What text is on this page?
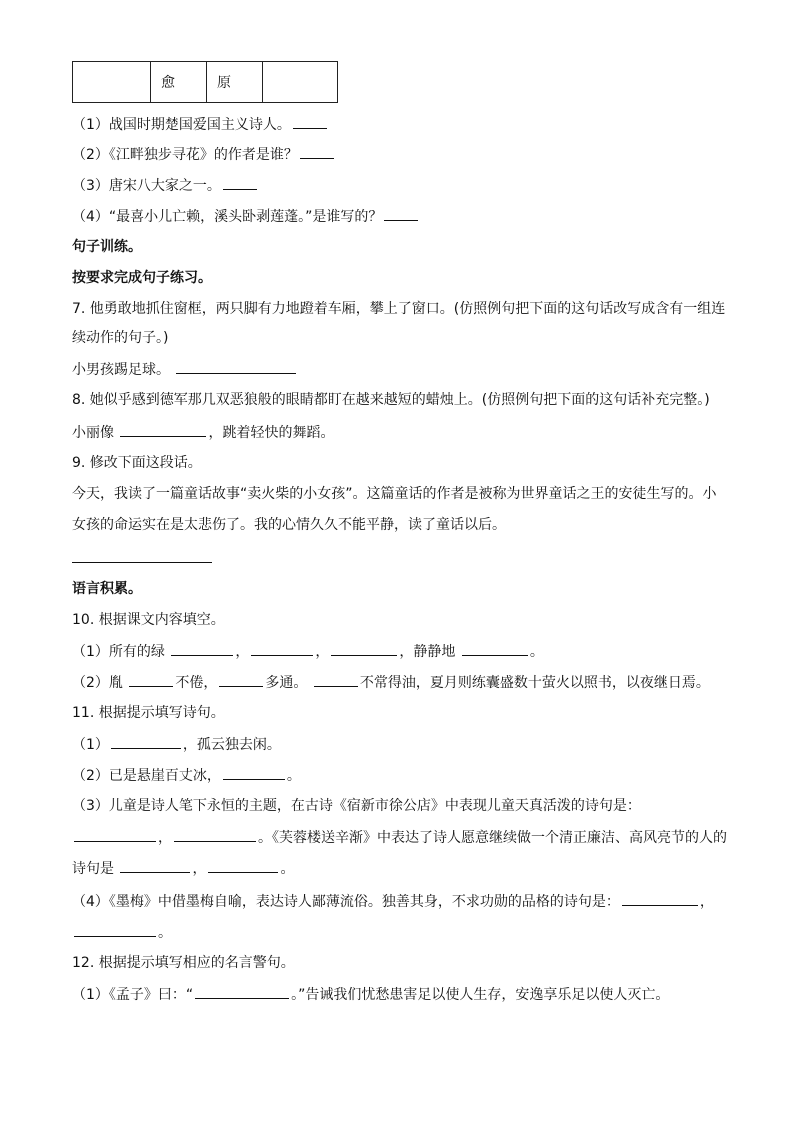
	愈	原	
（1）战国时期楚国爱国主义诗人。
（2）《江畔独步寻花》的作者是谁？
（3）唐宋八大家之一。
（4）“最喜小儿亡赖，溪头卧剥莲蓬。”是谁写的？
句子训练。
按要求完成句子练习。
7. 他勇敢地抓住窗框，两只脚有力地蹬着车厢，攀上了窗口。(仿照例句把下面的这句话改写成含有一组连
续动作的句子。)
小男孩踢足球。
8. 她似乎感到德军那几双恶狼般的眼睛都盯在越来越短的蜡烛上。(仿照例句把下面的这句话补充完整。)
小丽像	，跳着轻快的舞蹈。
9. 修改下面这段话。
今天，我读了一篇童话故事“卖火柴的小女孩”。这篇童话的作者是被称为世界童话之王的安徒生写的。小
女孩的命运实在是太悲伤了。我的心情久久不能平静，读了童话以后。
语言积累。
10. 根据课文内容填空。
（1）所有的绿	，	，	，静静地	。
（2）胤	不倦，	多通。	不常得油，夏月则练囊盛数十萤火以照书，以夜继日焉。
11. 根据提示填写诗句。
（1）	，孤云独去闲。
（2）已是悬崖百丈冰，	。
（3）儿童是诗人笔下永恒的主题，在古诗《宿新市徐公店》中表现儿童天真活泼的诗句是：
，	。《芙蓉楼送辛渐》中表达了诗人愿意继续做一个清正廉洁、高风亮节的人的
诗句是	，	。
（4）《墨梅》中借墨梅自喻，表达诗人鄙薄流俗。独善其身，不求功勋的品格的诗句是：	，
。
12. 根据提示填写相应的名言警句。
（1）《孟子》曰：“	。”告诫我们忧愁患害足以使人生存，安逸享乐足以使人灭亡。
